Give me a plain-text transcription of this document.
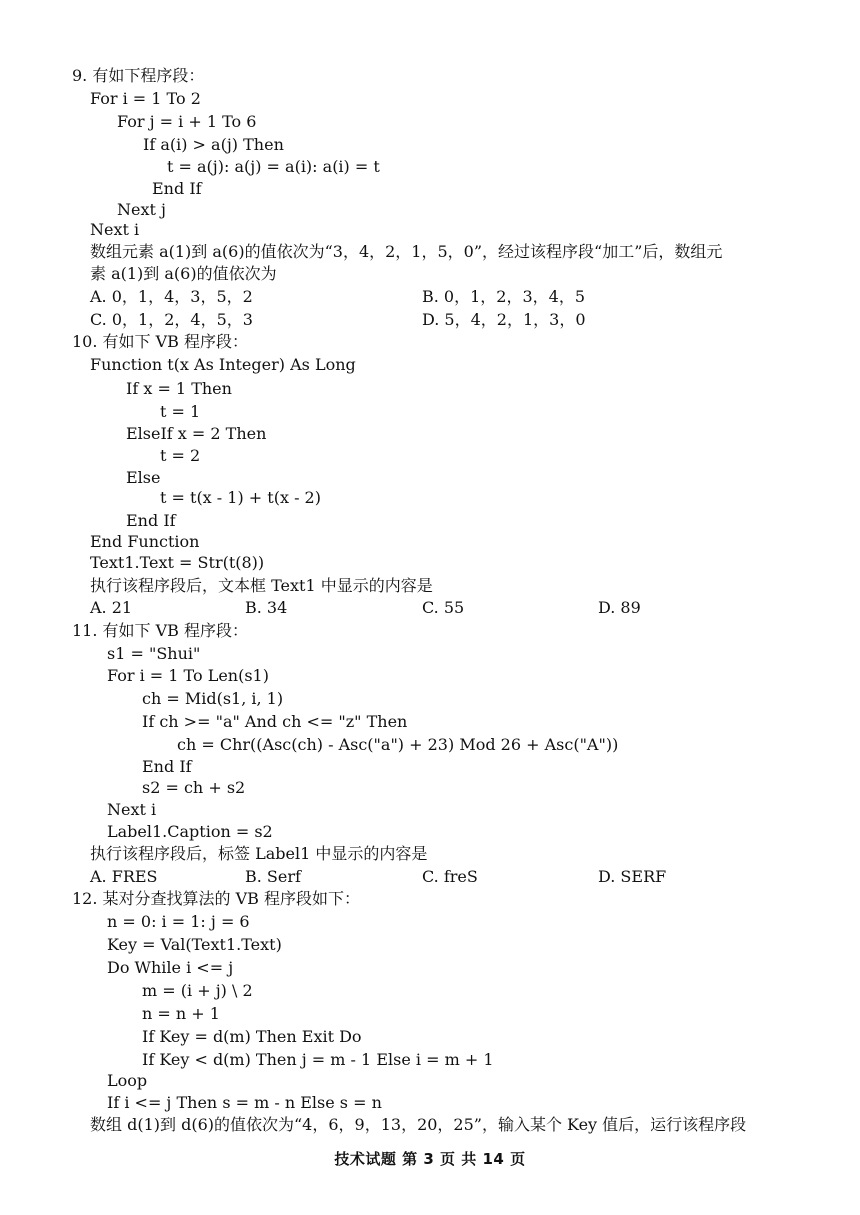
9. 有如下程序段：
For i = 1 To 2
For j = i + 1 To 6
If a(i) > a(j) Then
t = a(j): a(j) = a(i): a(i) = t
End If
Next j
Next i
数组元素 a(1)到 a(6)的值依次为“3，4，2，1，5，0”，经过该程序段“加工”后，数组元
素 a(1)到 a(6)的值依次为
A. 0，1，4，3，5，2	B. 0，1，2，3，4，5
C. 0，1，2，4，5，3	D. 5，4，2，1，3，0
10. 有如下 VB 程序段：
Function t(x As Integer) As Long
If x = 1 Then
t = 1
ElseIf x = 2 Then
t = 2
Else
t = t(x - 1) + t(x - 2)
End If
End Function
Text1.Text = Str(t(8))
执行该程序段后，文本框 Text1 中显示的内容是
A. 21	B. 34	C. 55	D. 89
11. 有如下 VB 程序段：
s1 = "Shui"
For i = 1 To Len(s1)
ch = Mid(s1, i, 1)
If ch >= "a" And ch <= "z" Then
ch = Chr((Asc(ch) - Asc("a") + 23) Mod 26 + Asc("A"))
End If
s2 = ch + s2
Next i
Label1.Caption = s2
执行该程序段后，标签 Label1 中显示的内容是
A. FRES	B. Serf	C. freS	D. SERF
12. 某对分查找算法的 VB 程序段如下：
n = 0: i = 1: j = 6
Key = Val(Text1.Text)
Do While i <= j
m = (i + j) \ 2
n = n + 1
If Key = d(m) Then Exit Do
If Key < d(m) Then j = m - 1 Else i = m + 1
Loop
If i <= j Then s = m - n Else s = n
数组 d(1)到 d(6)的值依次为“4，6，9，13，20，25”，输入某个 Key 值后，运行该程序段
技术试题 第 3 页 共 14 页
